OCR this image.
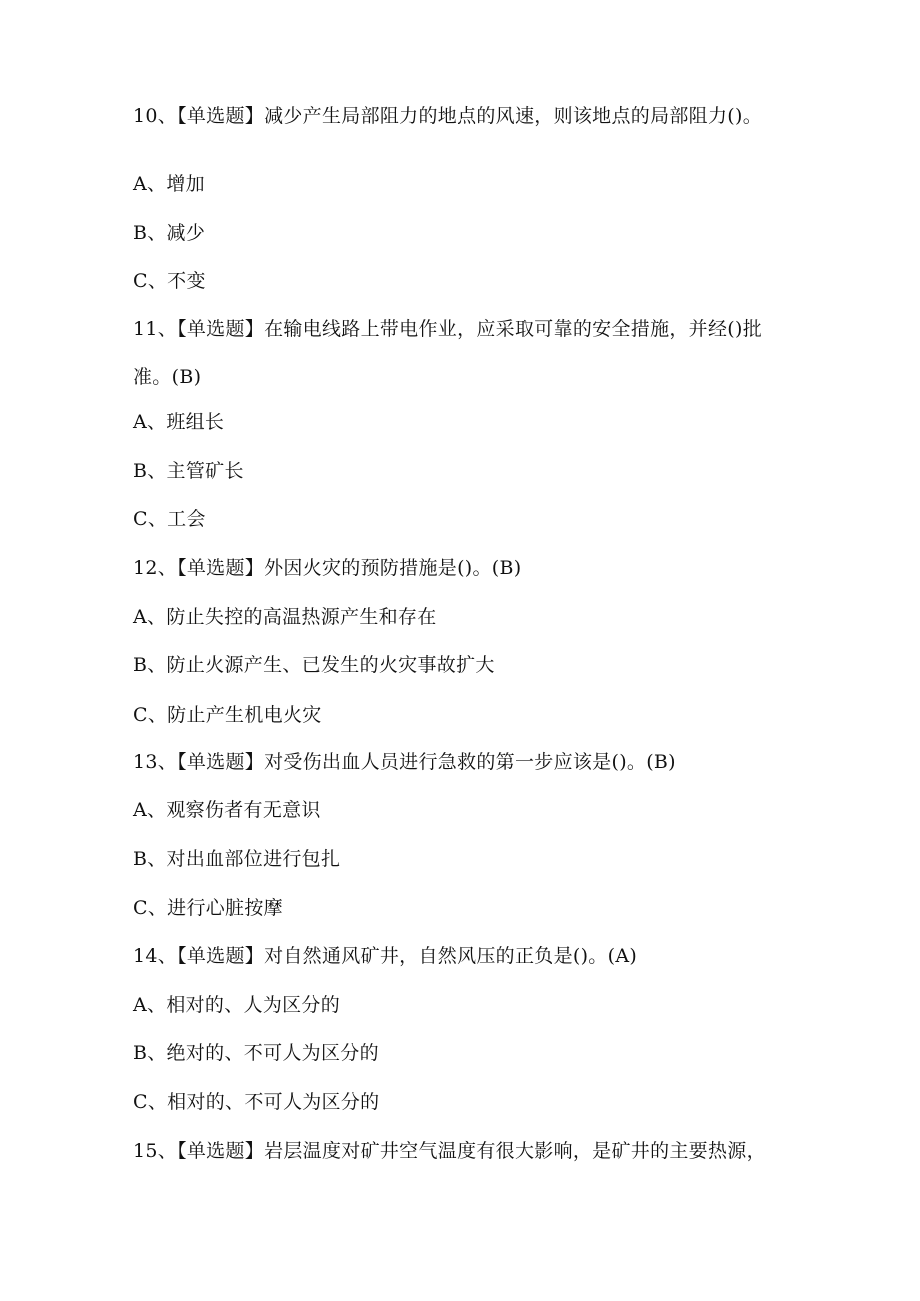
10、【单选题】减少产生局部阻力的地点的风速，则该地点的局部阻力()。
A、增加
B、减少
C、不变
11、【单选题】在输电线路上带电作业，应采取可靠的安全措施，并经()批
准。(B)
A、班组长
B、主管矿长
C、工会
12、【单选题】外因火灾的预防措施是()。(B)
A、防止失控的高温热源产生和存在
B、防止火源产生、已发生的火灾事故扩大
C、防止产生机电火灾
13、【单选题】对受伤出血人员进行急救的第一步应该是()。(B)
A、观察伤者有无意识
B、对出血部位进行包扎
C、进行心脏按摩
14、【单选题】对自然通风矿井，自然风压的正负是()。(A)
A、相对的、人为区分的
B、绝对的、不可人为区分的
C、相对的、不可人为区分的
15、【单选题】岩层温度对矿井空气温度有很大影响，是矿井的主要热源，
